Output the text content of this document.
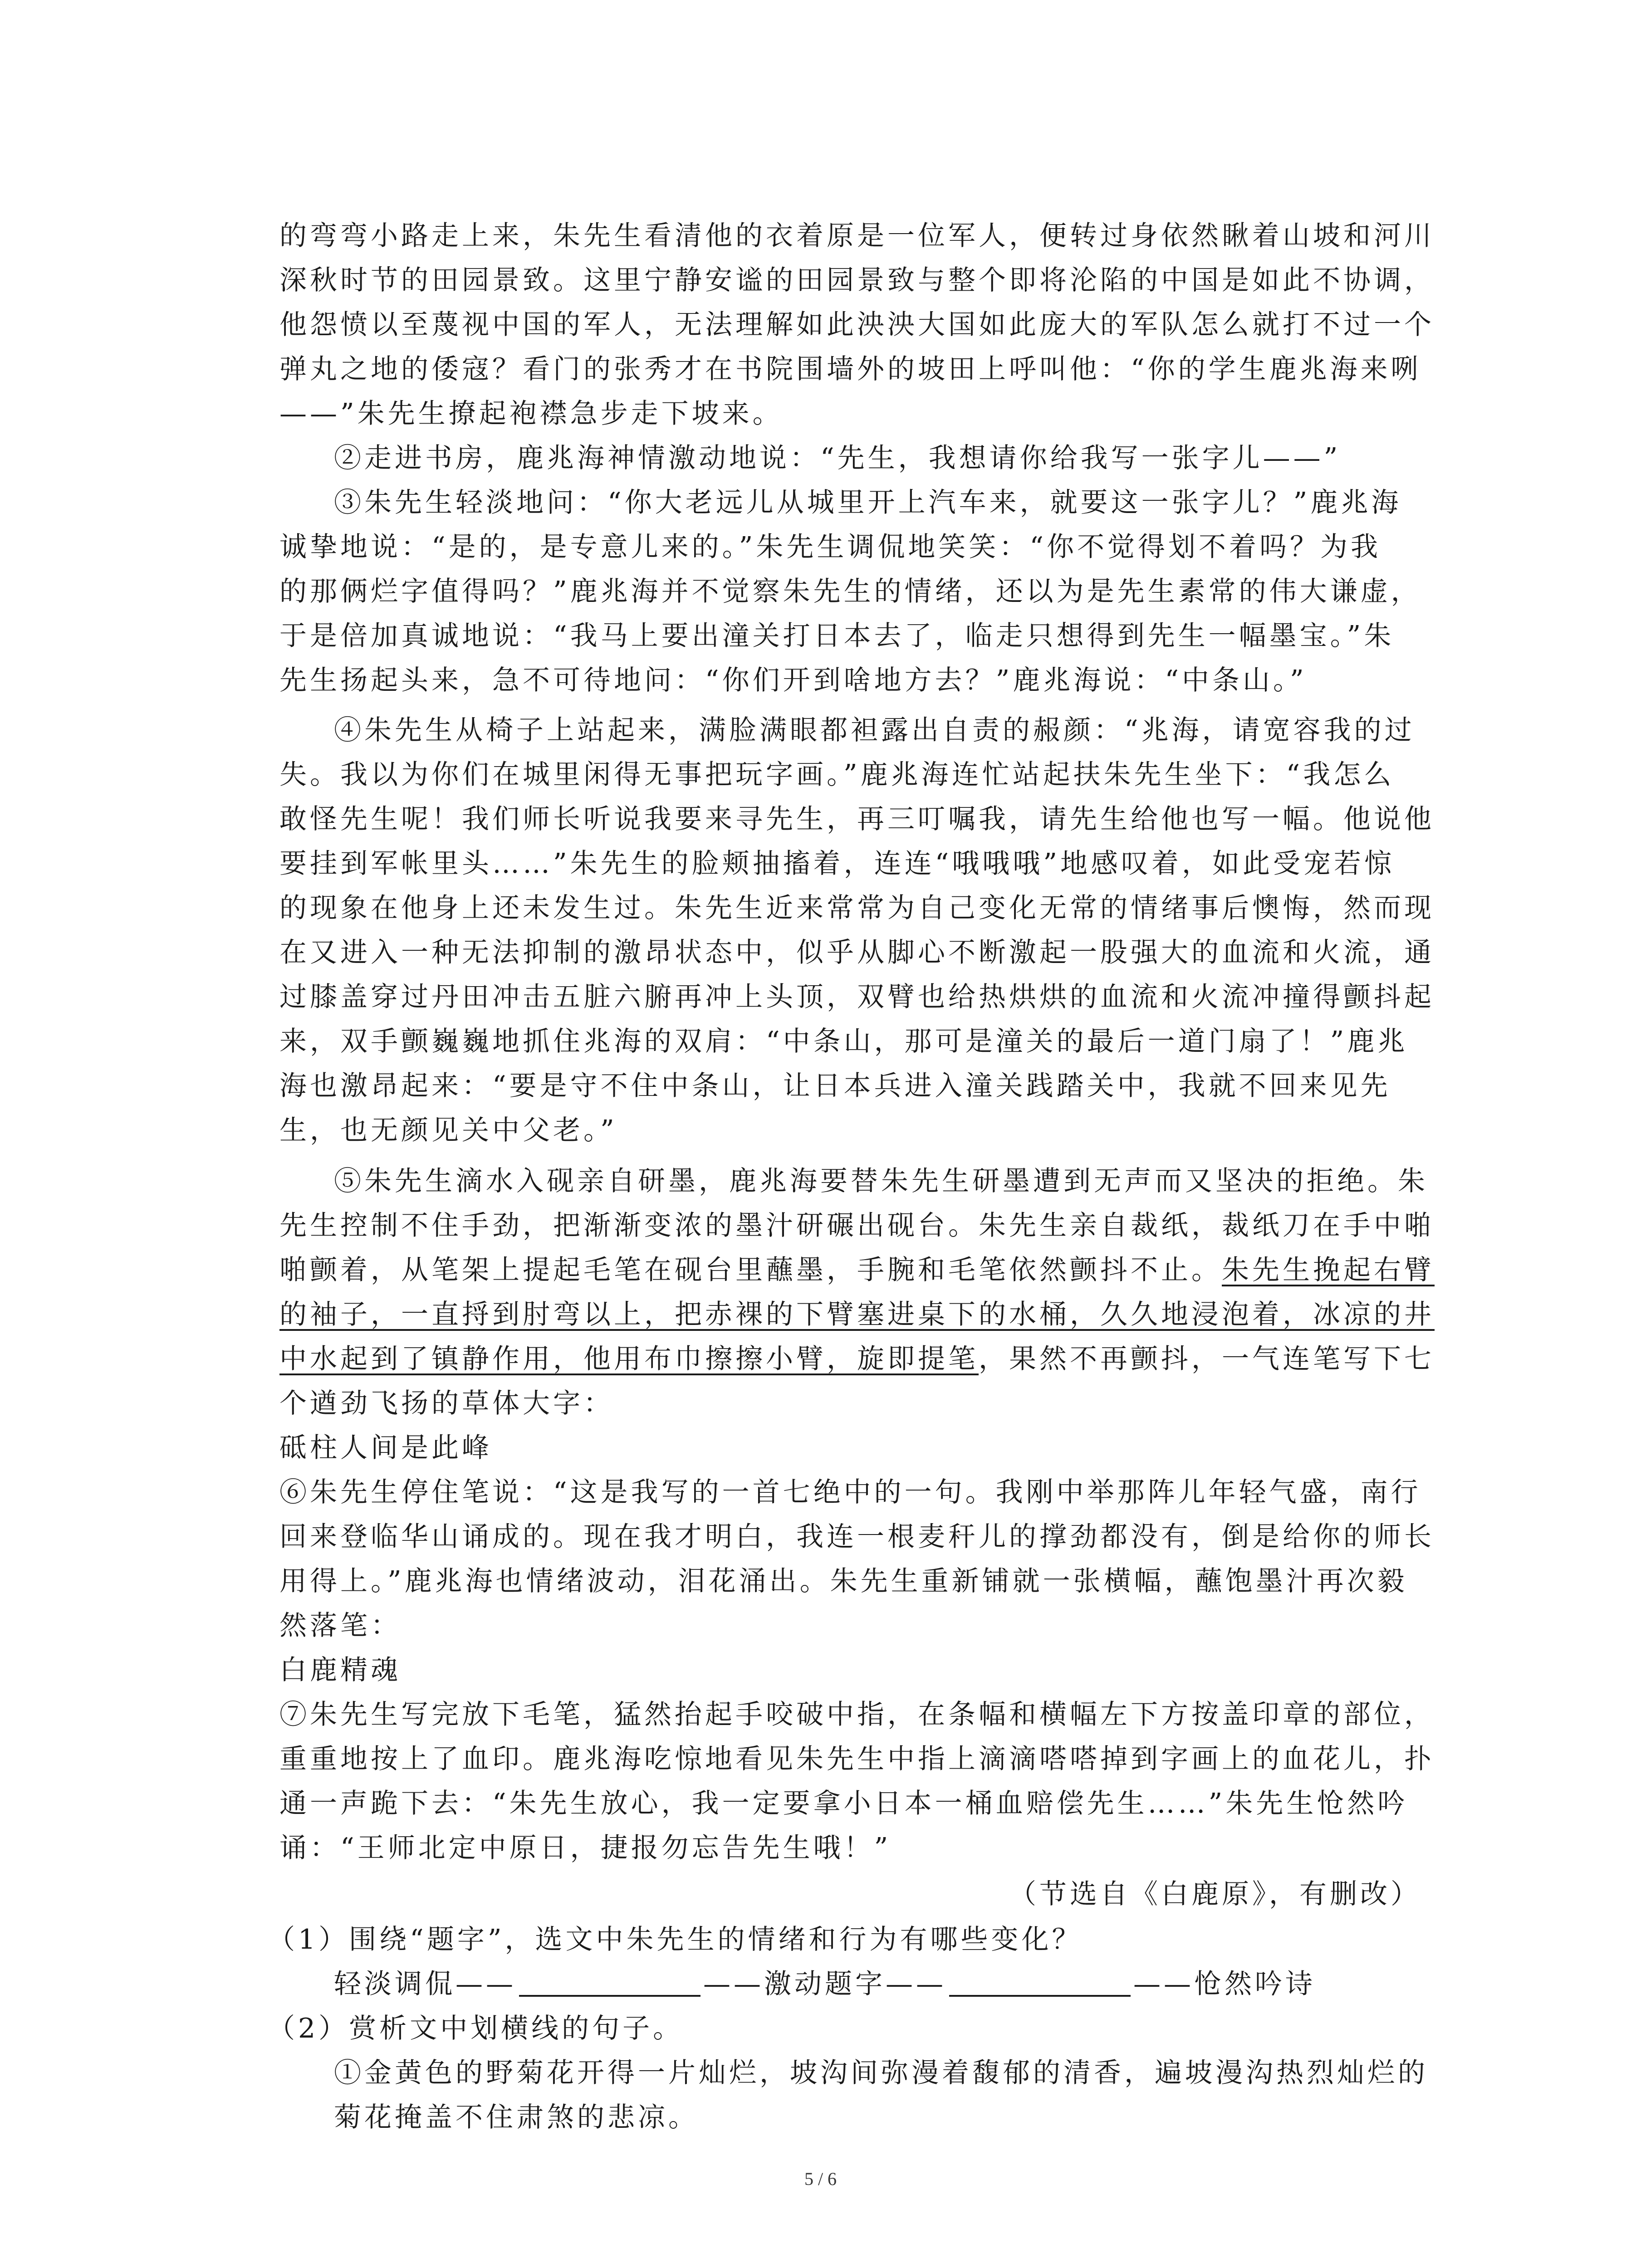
的弯弯小路走上来，朱先生看清他的衣着原是一位军人，便转过身依然瞅着山坡和河川
深秋时节的田园景致。这里宁静安谧的田园景致与整个即将沦陷的中国是如此不协调，
他怨愤以至蔑视中国的军人，无法理解如此泱泱大国如此庞大的军队怎么就打不过一个
弹丸之地的倭寇？看门的张秀才在书院围墙外的坡田上呼叫他：“你的学生鹿兆海来咧
——”朱先生撩起袍襟急步走下坡来。
②走进书房，鹿兆海神情激动地说：“先生，我想请你给我写一张字儿——”
③朱先生轻淡地问：“你大老远儿从城里开上汽车来，就要这一张字儿？”鹿兆海
诚挚地说：“是的，是专意儿来的。”朱先生调侃地笑笑：“你不觉得划不着吗？为我
的那俩烂字值得吗？”鹿兆海并不觉察朱先生的情绪，还以为是先生素常的伟大谦虚，
于是倍加真诚地说：“我马上要出潼关打日本去了，临走只想得到先生一幅墨宝。”朱
先生扬起头来，急不可待地问：“你们开到啥地方去？”鹿兆海说：“中条山。”
④朱先生从椅子上站起来，满脸满眼都袒露出自责的赧颜：“兆海，请宽容我的过
失。我以为你们在城里闲得无事把玩字画。”鹿兆海连忙站起扶朱先生坐下：“我怎么
敢怪先生呢！我们师长听说我要来寻先生，再三叮嘱我，请先生给他也写一幅。他说他
要挂到军帐里头……”朱先生的脸颊抽搐着，连连“哦哦哦”地感叹着，如此受宠若惊
的现象在他身上还未发生过。朱先生近来常常为自己变化无常的情绪事后懊悔，然而现
在又进入一种无法抑制的激昂状态中，似乎从脚心不断激起一股强大的血流和火流，通
过膝盖穿过丹田冲击五脏六腑再冲上头顶，双臂也给热烘烘的血流和火流冲撞得颤抖起
来，双手颤巍巍地抓住兆海的双肩：“中条山，那可是潼关的最后一道门扇了！”鹿兆
海也激昂起来：“要是守不住中条山，让日本兵进入潼关践踏关中，我就不回来见先
生，也无颜见关中父老。”
⑤朱先生滴水入砚亲自研墨，鹿兆海要替朱先生研墨遭到无声而又坚决的拒绝。朱
先生控制不住手劲，把渐渐变浓的墨汁研碾出砚台。朱先生亲自裁纸，裁纸刀在手中啪
啪颤着，从笔架上提起毛笔在砚台里蘸墨，手腕和毛笔依然颤抖不止。朱先生挽起右臂
的袖子，一直捋到肘弯以上，把赤裸的下臂塞进桌下的水桶，久久地浸泡着，冰凉的井
中水起到了镇静作用，他用布巾擦擦小臂，旋即提笔，果然不再颤抖，一气连笔写下七
个遒劲飞扬的草体大字：
砥柱人间是此峰
⑥朱先生停住笔说：“这是我写的一首七绝中的一句。我刚中举那阵儿年轻气盛，南行
回来登临华山诵成的。现在我才明白，我连一根麦秆儿的撑劲都没有，倒是给你的师长
用得上。”鹿兆海也情绪波动，泪花涌出。朱先生重新铺就一张横幅，蘸饱墨汁再次毅
然落笔：
白鹿精魂
⑦朱先生写完放下毛笔，猛然抬起手咬破中指，在条幅和横幅左下方按盖印章的部位，
重重地按上了血印。鹿兆海吃惊地看见朱先生中指上滴滴嗒嗒掉到字画上的血花儿，扑
通一声跪下去：“朱先生放心，我一定要拿小日本一桶血赔偿先生……”朱先生怆然吟
诵：“王师北定中原日，捷报勿忘告先生哦！”
（节选自《白鹿原》，有删改）
（1）围绕“题字”，选文中朱先生的情绪和行为有哪些变化？
轻淡调侃——	——激动题字——	——怆然吟诗
（2）赏析文中划横线的句子。
①金黄色的野菊花开得一片灿烂，坡沟间弥漫着馥郁的清香，遍坡漫沟热烈灿烂的
菊花掩盖不住肃煞的悲凉。
5 / 6
